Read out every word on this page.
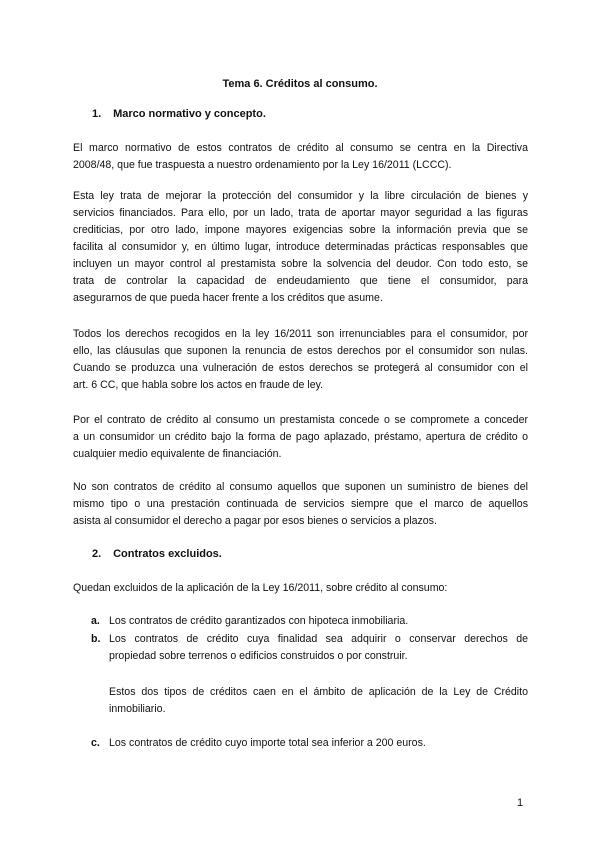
Tema 6. Créditos al consumo.
1. Marco normativo y concepto.
El marco normativo de estos contratos de crédito al consumo se centra en la Directiva
2008/48, que fue traspuesta a nuestro ordenamiento por la Ley 16/2011 (LCCC).
Esta ley trata de mejorar la protección del consumidor y la libre circulación de bienes y
servicios financiados. Para ello, por un lado, trata de aportar mayor seguridad a las figuras
crediticias, por otro lado, impone mayores exigencias sobre la información previa que se
facilita al consumidor y, en último lugar, introduce determinadas prácticas responsables que
incluyen un mayor control al prestamista sobre la solvencia del deudor. Con todo esto, se
trata de controlar la capacidad de endeudamiento que tiene el consumidor, para
asegurarnos de que pueda hacer frente a los créditos que asume.
Todos los derechos recogidos en la ley 16/2011 son irrenunciables para el consumidor, por
ello, las cláusulas que suponen la renuncia de estos derechos por el consumidor son nulas.
Cuando se produzca una vulneración de estos derechos se protegerá al consumidor con el
art. 6 CC, que habla sobre los actos en fraude de ley.
Por el contrato de crédito al consumo un prestamista concede o se compromete a conceder
a un consumidor un crédito bajo la forma de pago aplazado, préstamo, apertura de crédito o
cualquier medio equivalente de financiación.
No son contratos de crédito al consumo aquellos que suponen un suministro de bienes del
mismo tipo o una prestación continuada de servicios siempre que el marco de aquellos
asista al consumidor el derecho a pagar por esos bienes o servicios a plazos.
2. Contratos excluidos.
Quedan excluidos de la aplicación de la Ley 16/2011, sobre crédito al consumo:
a. Los contratos de crédito garantizados con hipoteca inmobiliaria.
b. Los contratos de crédito cuya finalidad sea adquirir o conservar derechos de
propiedad sobre terrenos o edificios construidos o por construir.
Estos dos tipos de créditos caen en el ámbito de aplicación de la Ley de Crédito
inmobiliario.
c. Los contratos de crédito cuyo importe total sea inferior a 200 euros.
1
